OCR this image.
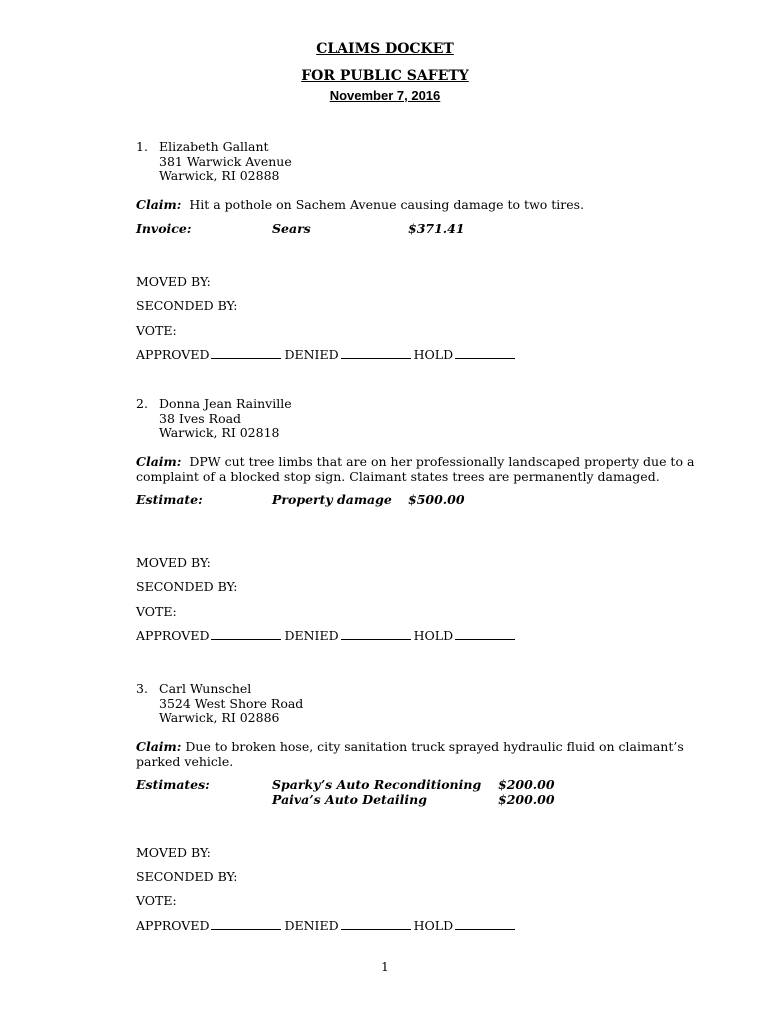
CLAIMS DOCKET
FOR PUBLIC SAFETY
November 7, 2016
1. Elizabeth Gallant
381 Warwick Avenue
Warwick, RI 02888
Claim: Hit a pothole on Sachem Avenue causing damage to two tires.
Invoice:	Sears	$371.41
MOVED BY:
SECONDED BY:
VOTE:
APPROVED	DENIED	HOLD
2. Donna Jean Rainville
38 Ives Road
Warwick, RI 02818
Claim: DPW cut tree limbs that are on her professionally landscaped property due to a complaint of a blocked stop sign. Claimant states trees are permanently damaged.
Estimate:	Property damage $500.00
MOVED BY:
SECONDED BY:
VOTE:
APPROVED	DENIED	HOLD
3. Carl Wunschel
3524 West Shore Road
Warwick, RI 02886
Claim: Due to broken hose, city sanitation truck sprayed hydraulic fluid on claimant’s parked vehicle.
Estimates:	Sparky’s Auto Reconditioning $200.00
Paiva’s Auto Detailing	$200.00
MOVED BY:
SECONDED BY:
VOTE:
APPROVED	DENIED	HOLD
1
